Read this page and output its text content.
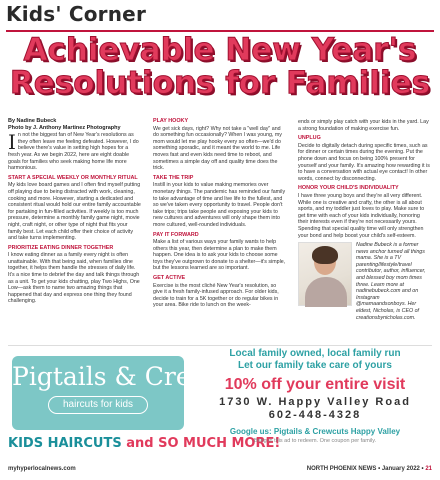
Kids' Corner
Achievable New Year's
Resolutions for Families
By Nadine Bubeck
Photo by J. Anthony Martinez Photography

In not the biggest fan of New Year's resolutions as they often leave me feeling defeated. However, I do believe there's value in setting high hopes for a fresh year. As we begin 2022, here are eight doable goals for families who seek making home life more harmonious.

START A SPECIAL WEEKLY OR MONTHLY RITUAL

My kids love board games and I often find myself putting off playing due to being distracted with work, cleaning, cooking and more. However, starting a dedicated and consistent ritual would hold our entire family accountable for partaking in fun-filled activities. If weekly is too much pressure, determine a monthly family game night, movie night, craft night, or other type of night that fits your family best. Let each child offer their choice of activity and take turns implementing.

PRIORITIZE EATING DINNER TOGETHER

I know eating dinner as a family every night is often unattainable. With that being said, when families dine together, it helps them handle the stresses of daily life. It's a nice time to debrief the day and talk things through as a unit. To get your kids chatting, play Two Highs, One Low—ask them to name two amazing things that happened that day and express one thing they found challenging.

PLAY HOOKY

We get sick days, right? Why not take a "well day" and do something fun occasionally? When I was young, my mom would let me play hooky every so often—we'd do something sporadic, and it meant the world to me. Life moves fast and even kids need time to reboot, and sometimes a simple day off and quality time does the trick.

TAKE THE TRIP

Instill in your kids to value making memories over monetary things. The pandemic has reminded our family to take advantage of time and live life to the fullest, and so we've taken every opportunity to travel. People don't take trips; trips take people and exposing your kids to new cultures and adventures will only shape them into more cultured, well-rounded individuals.

PAY IT FORWARD

Make a list of various ways your family wants to help others this year, then determine a plan to make them happen. One idea is to ask your kids to choose some toys they've outgrown to donate to a shelter—it's simple, but the lessons learned are so important.

GET ACTIVE

Exercise is the most cliché New Year's resolution, so give it a fresh family-infused approach. For older kids, decide to train for a 5K together or do regular bikes in your area. Bike ride to lunch on the week-

ends or simply play catch with your kids in the yard. Lay a strong foundation of making exercise fun.

UNPLUG

Decide to digitally detach during specific times, such as for dinner or certain times during the evening. Put the phone down and focus on being 100% present for yourself and your family. It's amazing how rewarding it is to have a conversation with actual eye contact! In other words, connect by disconnecting.

HONOR YOUR CHILD'S INDIVIDUALITY

I have three young boys and they're all very different. While one is creative and crafty, the other is all about sports, and my toddler just loves to play. Make sure to get time with each of your kids individually, honoring their interests even if they're not necessarily yours. Spending that special quality time will only strengthen your bond and help boost your child's self-esteem.

Nadine Bubeck is a former news anchor turned all things mama. She is a TV parenting/lifestyle/travel contributor, author, influencer, and blessed boy mom times three. Learn more at nadinebubeck.com and on Instagram @mamaandsonboys. Her eldest, Nicholas, is CEO of creationsbynicholas.com.
Pigtails & Crewcuts
haircuts for kids
KIDS HAIRCUTS and SO MUCH MORE!
Local family owned, local family run
Let our family take care of yours
10% off your entire visit
1730 W. Happy Valley Road
602-448-4328
Google us: Pigtails & Crewcuts Happy Valley
Bring in this ad to redeem. One coupon per family.
myhyperlocalnews.com	NORTH PHOENIX NEWS • January 2022 • 21
